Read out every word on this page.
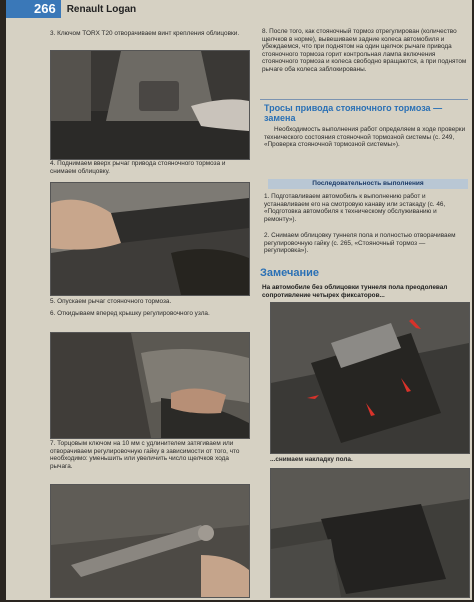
266	Renault Logan

3. Ключом TORX T20 отворачиваем винт крепления облицовки.

4. Поднимаем вверх рычаг привода стояночного тормоза и снимаем облицовку.

5. Опускаем рычаг стояночного тормоза.

6. Откидываем вперед крышку регулировочного узла.

7. Торцовым ключом на 10 мм с удлинителем затягиваем или отворачиваем регулировочную гайку в зависимости от того, что необходимо: уменьшить или увеличить число щелчков хода рычага.

8. После того, как стояночный тормоз отрегулирован (количество щелчков в норме), вывешиваем задние колеса автомобиля и убеждаемся, что при поднятом на один щелчок рычаге привода стояночного тормоза горит контрольная лампа включения стояночного тормоза и колеса свободно вращаются, а при поднятом рычаге оба колеса заблокированы.

Тросы привода стояночного тормоза — замена

Необходимость выполнения работ определяем в ходе проверки технического состояния стояночной тормозной системы (с. 249, «Проверка стояночной тормозной системы»).

Последовательность выполнения

1. Подготавливаем автомобиль к выполнению работ и устанавливаем его на смотровую канаву или эстакаду (с. 46, «Подготовка автомобиля к техническому обслуживанию и ремонту»).

2. Снимаем облицовку туннеля пола и полностью отворачиваем регулировочную гайку (с. 265, «Стояночный тормоз — регулировка»).

Замечание

На автомобиле без облицовки туннеля пола преодолевал сопротивление четырех фиксаторов...

...снимаем накладку пола.
